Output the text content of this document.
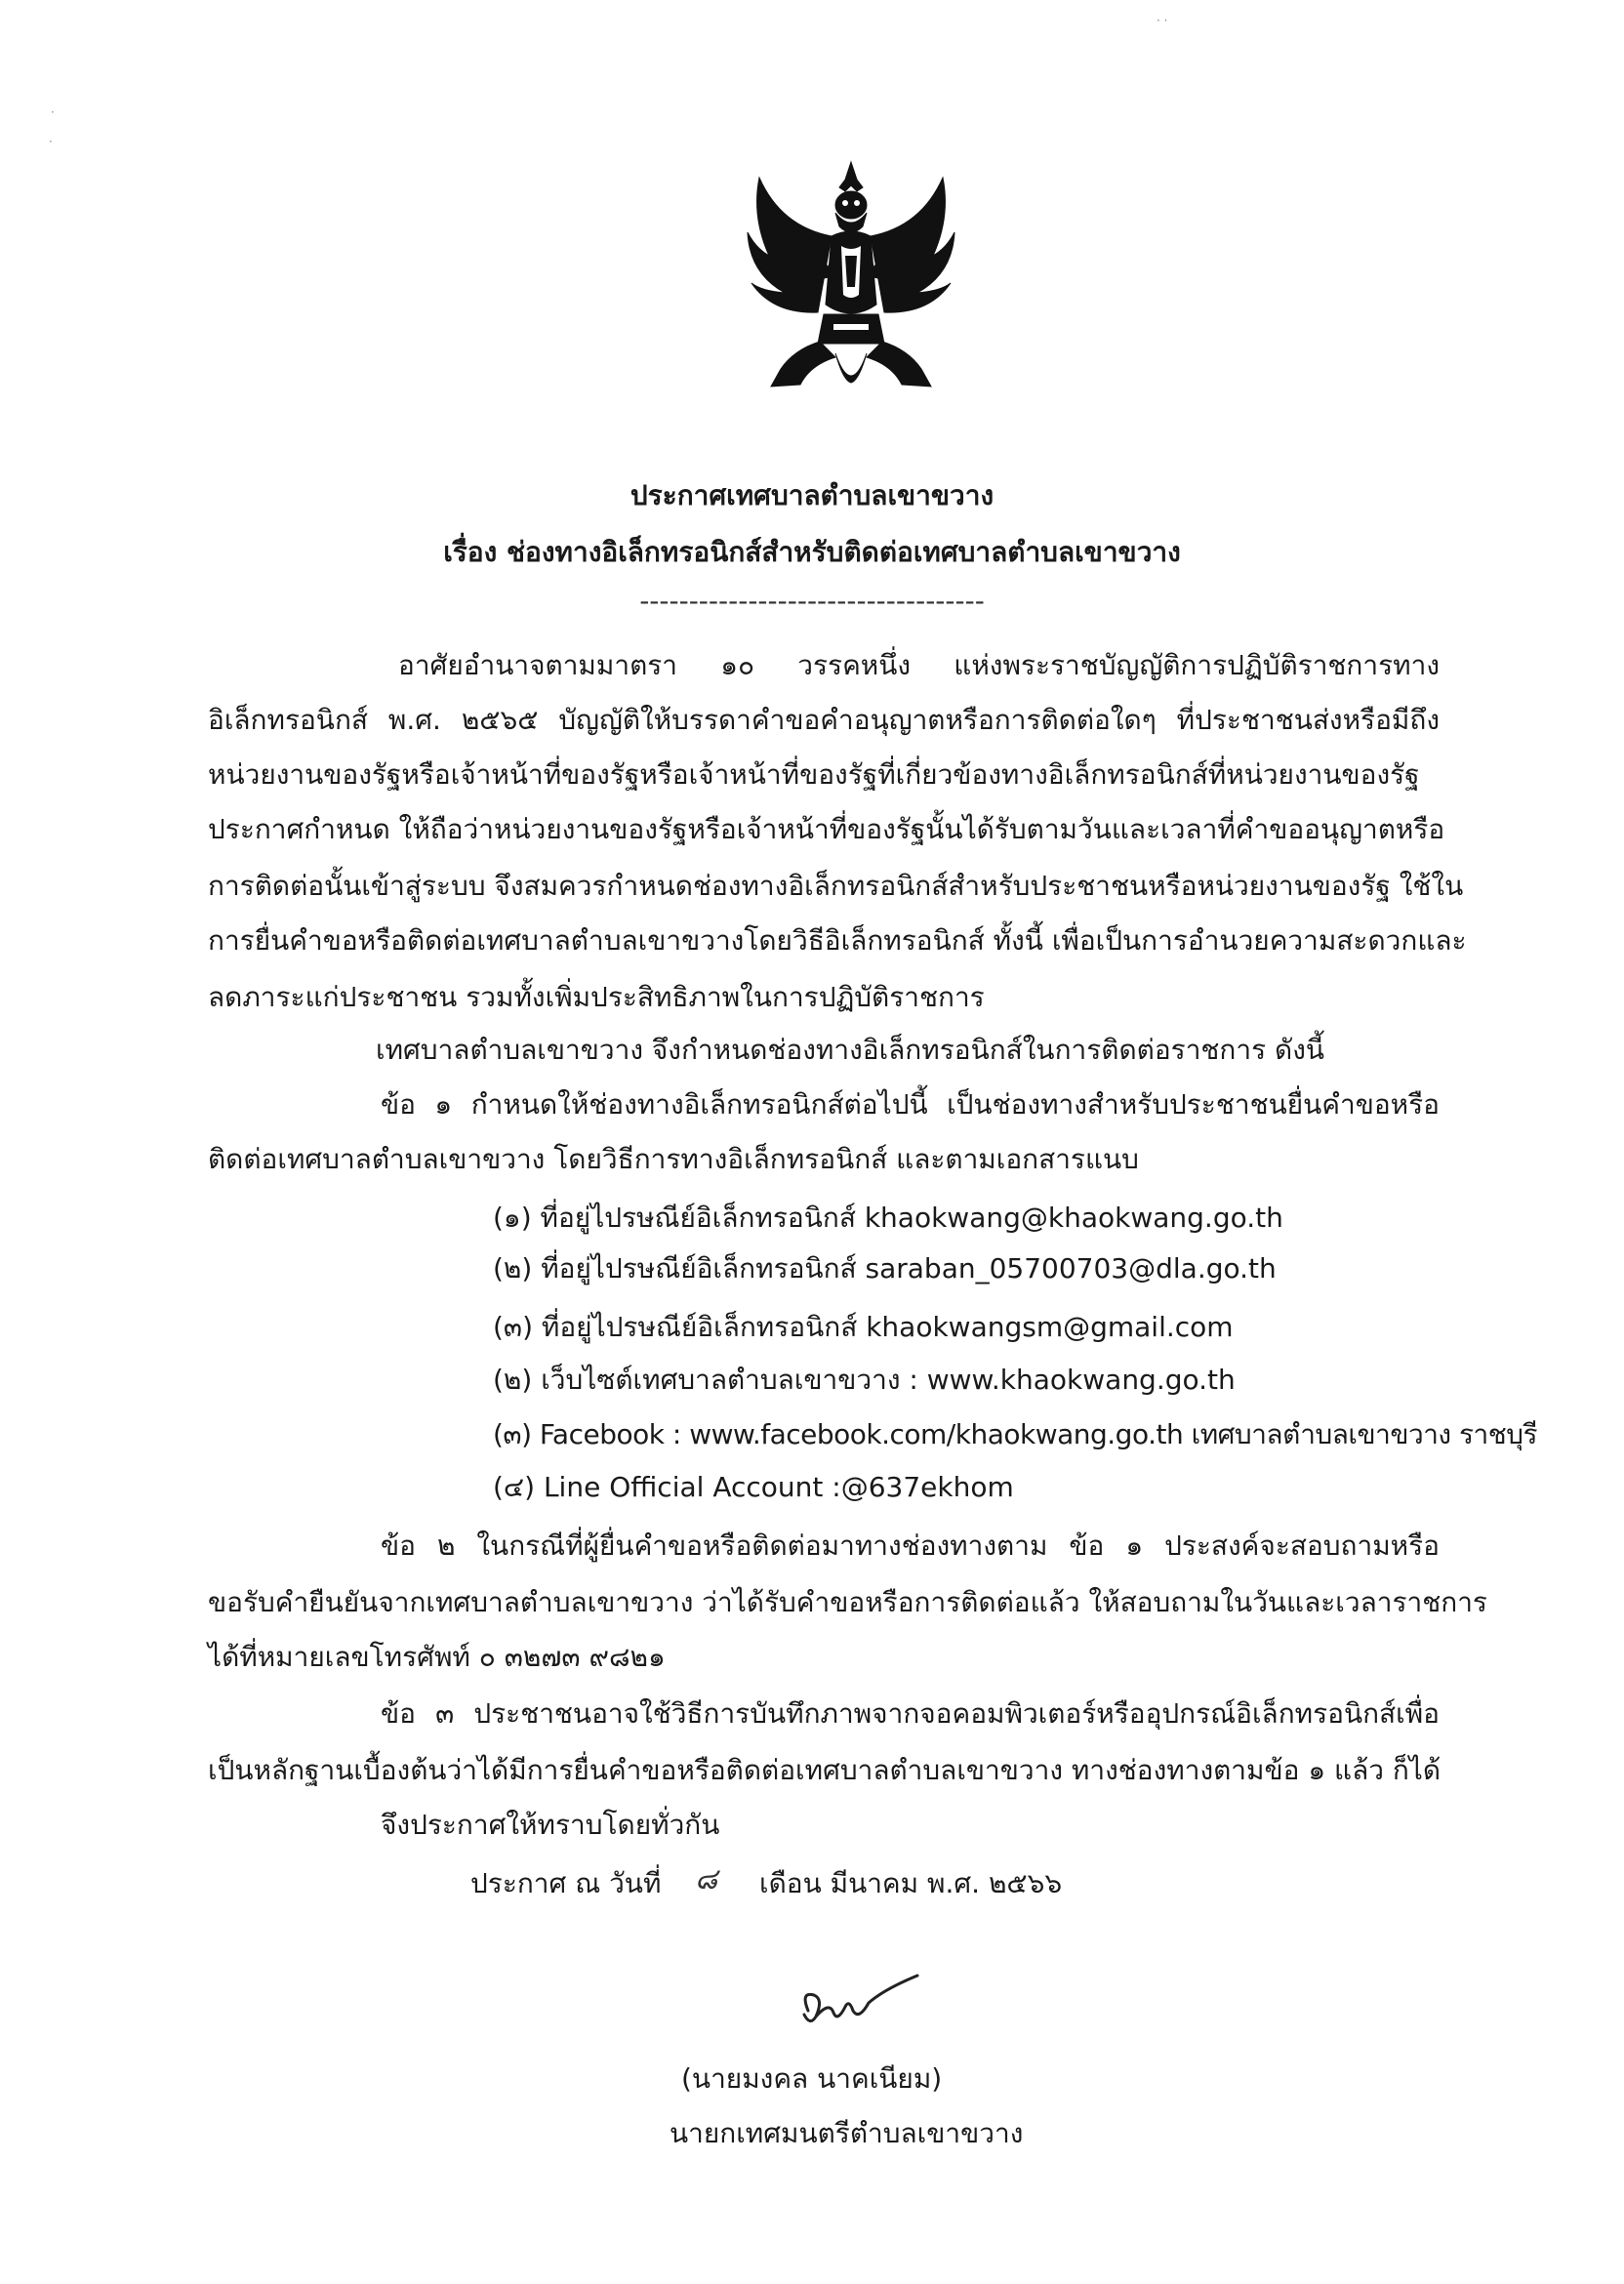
· ·
·
·
ประกาศเทศบาลตำบลเขาขวาง
เรื่อง ช่องทางอิเล็กทรอนิกส์สำหรับติดต่อเทศบาลตำบลเขาขวาง
-----------------------------------
อาศัยอำนาจตามมาตรา ๑๐ วรรคหนึ่ง แห่งพระราชบัญญัติการปฏิบัติราชการทาง
อิเล็กทรอนิกส์ พ.ศ. ๒๕๖๕ บัญญัติให้บรรดาคำขอคำอนุญาตหรือการติดต่อใดๆ ที่ประชาชนส่งหรือมีถึง
หน่วยงานของรัฐหรือเจ้าหน้าที่ของรัฐหรือเจ้าหน้าที่ของรัฐที่เกี่ยวข้องทางอิเล็กทรอนิกส์ที่หน่วยงานของรัฐ
ประกาศกำหนด ให้ถือว่าหน่วยงานของรัฐหรือเจ้าหน้าที่ของรัฐนั้นได้รับตามวันและเวลาที่คำขออนุญาตหรือ
การติดต่อนั้นเข้าสู่ระบบ จึงสมควรกำหนดช่องทางอิเล็กทรอนิกส์สำหรับประชาชนหรือหน่วยงานของรัฐ ใช้ใน
การยื่นคำขอหรือติดต่อเทศบาลตำบลเขาขวางโดยวิธีอิเล็กทรอนิกส์ ทั้งนี้ เพื่อเป็นการอำนวยความสะดวกและ
ลดภาระแก่ประชาชน รวมทั้งเพิ่มประสิทธิภาพในการปฏิบัติราชการ
เทศบาลตำบลเขาขวาง จึงกำหนดช่องทางอิเล็กทรอนิกส์ในการติดต่อราชการ ดังนี้
ข้อ ๑ กำหนดให้ช่องทางอิเล็กทรอนิกส์ต่อไปนี้ เป็นช่องทางสำหรับประชาชนยื่นคำขอหรือ
ติดต่อเทศบาลตำบลเขาขวาง โดยวิธีการทางอิเล็กทรอนิกส์ และตามเอกสารแนบ
(๑) ที่อยู่ไปรษณีย์อิเล็กทรอนิกส์ khaokwang@khaokwang.go.th
(๒) ที่อยู่ไปรษณีย์อิเล็กทรอนิกส์ saraban_05700703@dla.go.th
(๓) ที่อยู่ไปรษณีย์อิเล็กทรอนิกส์ khaokwangsm@gmail.com
(๒) เว็บไซต์เทศบาลตำบลเขาขวาง : www.khaokwang.go.th
(๓) Facebook : www.facebook.com/khaokwang.go.th เทศบาลตำบลเขาขวาง ราชบุรี
(๔) Line Official Account :@637ekhom
ข้อ ๒ ในกรณีที่ผู้ยื่นคำขอหรือติดต่อมาทางช่องทางตาม ข้อ ๑ ประสงค์จะสอบถามหรือ
ขอรับคำยืนยันจากเทศบาลตำบลเขาขวาง ว่าได้รับคำขอหรือการติดต่อแล้ว ให้สอบถามในวันและเวลาราชการ
ได้ที่หมายเลขโทรศัพท์ ๐ ๓๒๗๓ ๙๘๒๑
ข้อ ๓ ประชาชนอาจใช้วิธีการบันทึกภาพจากจอคอมพิวเตอร์หรืออุปกรณ์อิเล็กทรอนิกส์เพื่อ
เป็นหลักฐานเบื้องต้นว่าได้มีการยื่นคำขอหรือติดต่อเทศบาลตำบลเขาขวาง ทางช่องทางตามข้อ ๑ แล้ว ก็ได้
จึงประกาศให้ทราบโดยทั่วกัน
ประกาศ ณ วันที่ ๘ เดือน มีนาคม พ.ศ. ๒๕๖๖
(นายมงคล นาคเนียม)
นายกเทศมนตรีตำบลเขาขวาง
